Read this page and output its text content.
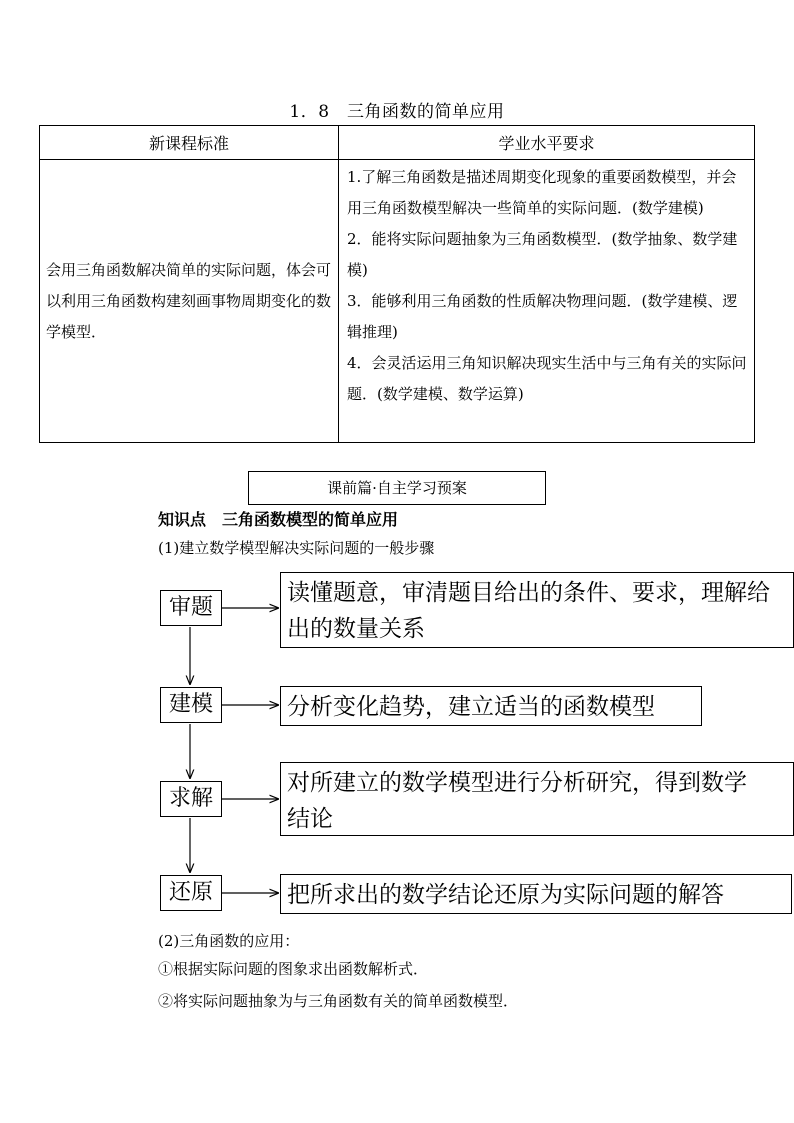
1．8　三角函数的简单应用
新课程标准	学业水平要求
会用三角函数解决简单的实际问题，体会可以利用三角函数构建刻画事物周期变化的数学模型．	1.了解三角函数是描述周期变化现象的重要函数模型，并会用三角函数模型解决一些简单的实际问题．(数学建模)

2．能将实际问题抽象为三角函数模型．(数学抽象、数学建模)

3．能够利用三角函数的性质解决物理问题．(数学建模、逻辑推理)

4．会灵活运用三角知识解决现实生活中与三角有关的实际问题．(数学建模、数学运算)

课前篇·自主学习预案
知识点　三角函数模型的简单应用
(1)建立数学模型解决实际问题的一般步骤
审题
建模
求解
还原
读懂题意，审清题目给出的条件、要求，理解给
出的数量关系
分析变化趋势，建立适当的函数模型
对所建立的数学模型进行分析研究，得到数学
结论
把所求出的数学结论还原为实际问题的解答
(2)三角函数的应用：
①根据实际问题的图象求出函数解析式．
②将实际问题抽象为与三角函数有关的简单函数模型．
